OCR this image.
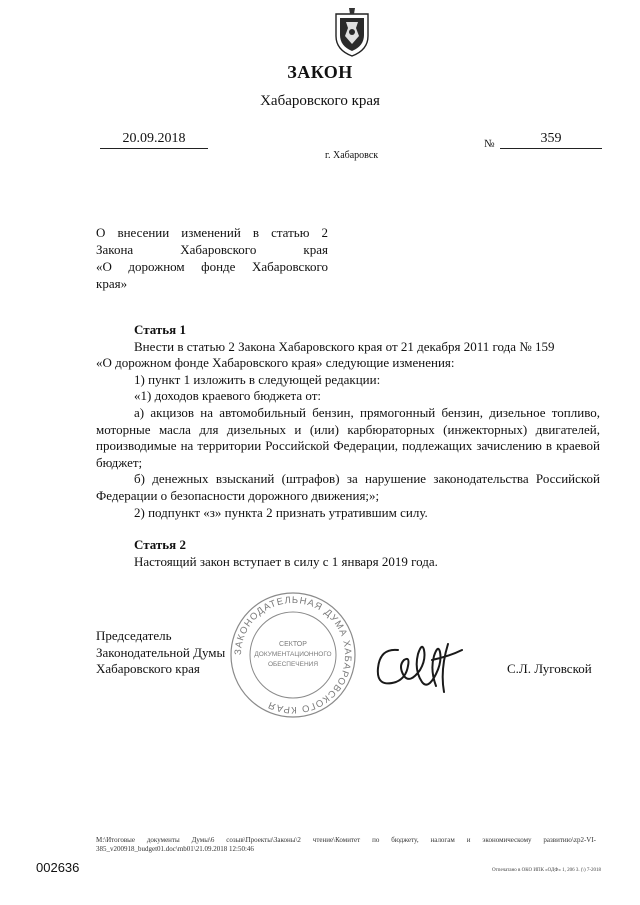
ЗАКОН
Хабаровского края
20.09.2018	№	359
г. Хабаровск
О внесении изменений в статью 2
Закона Хабаровского края
«О дорожном фонде Хабаровского
края»

Статья 1

Внести в статью 2 Закона Хабаровского края от 21 декабря 2011 года № 159

«О дорожном фонде Хабаровского края» следующие изменения:

1) пункт 1 изложить в следующей редакции:

«1) доходов краевого бюджета от:

а) акцизов на автомобильный бензин, прямогонный бензин, дизельное топливо, моторные масла для дизельных и (или) карбюраторных (инжекторных) двигателей, производимые на территории Российской Федерации, подлежащих зачислению в краевой бюджет;

б) денежных взысканий (штрафов) за нарушение законодательства Российской Федерации о безопасности дорожного движения;»;

2) подпункт «з» пункта 2 признать утратившим силу.

Статья 2

Настоящий закон вступает в силу с 1 января 2019 года.

ЗАКОНОДАТЕЛЬНАЯ ДУМА ХАБАРОВСКОГО КРАЯ
СЕКТОР
ДОКУМЕНТАЦИОННОГО
ОБЕСПЕЧЕНИЯ
Председатель
Законодательной Думы
Хабаровского края	С.Л. Луговской
M:\Итоговые документы Думы\6 созыв\Проекты\Законы\2 чтение\Комитет по бюджету, налогам и экономическому развитию\zp2-VI-385_v200918_budget01.doc\mb01\21.09.2018 12:50:46
Отпечатано в ОКО ИПК «ОДФ» 1, 206 3. (\) 7-2018
002636
